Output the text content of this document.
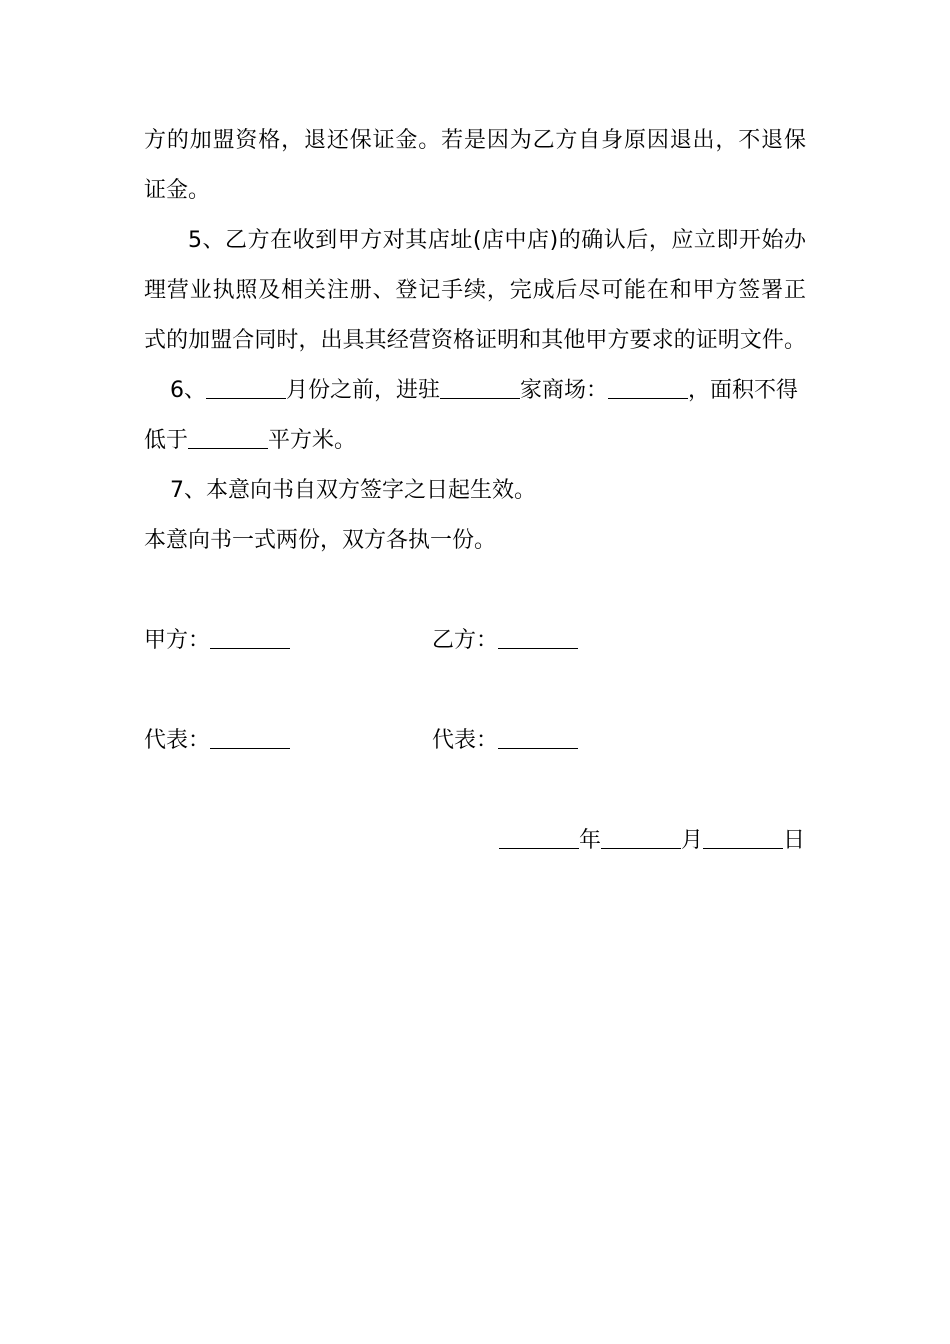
方的加盟资格，退还保证金。若是因为乙方自身原因退出，不退保
证金。
5、乙方在收到甲方对其店址(店中店)的确认后，应立即开始办
理营业执照及相关注册、登记手续，完成后尽可能在和甲方签署正
式的加盟合同时，出具其经营资格证明和其他甲方要求的证明文件。
6、	月份之前，进驻	家商场：	，面积不得
低于	平方米。
7、本意向书自双方签字之日起生效。
本意向书一式两份，双方各执一份。
甲方：	乙方：
代表：	代表：
年	月	日
